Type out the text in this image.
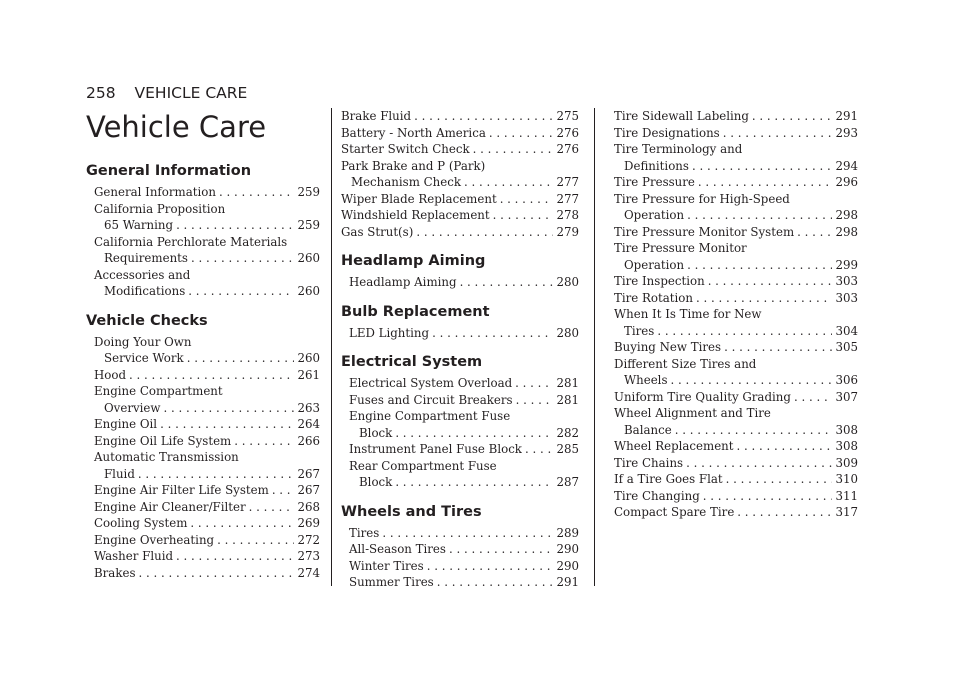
258 VEHICLE CARE
Vehicle Care
General Information
General Information . . .	259
California Proposition
65 Warning . . .	259
California Perchlorate Materials
Requirements . . .	260
Accessories and
Modifications . . .	260
Vehicle Checks
Doing Your Own
Service Work . . .	260
Hood . . .	261
Engine Compartment
Overview . . .	263
Engine Oil . . .	264
Engine Oil Life System . . .	266
Automatic Transmission
Fluid . . .	267
Engine Air Filter Life System . . . 267
Engine Air Cleaner/Filter . . .	268
Cooling System . . .	269
Engine Overheating . . .	272
Washer Fluid . . .	273
Brakes . . .	274
Brake Fluid . . .	275
Battery - North America . . .	276
Starter Switch Check . . .	276
Park Brake and P (Park)
Mechanism Check . . .	277
Wiper Blade Replacement . . .	277
Windshield Replacement . . .	278
Gas Strut(s) . . .	279
Headlamp Aiming
Headlamp Aiming . . .	280
Bulb Replacement
LED Lighting . . .	280
Electrical System
Electrical System Overload . . .	281
Fuses and Circuit Breakers . . .	281
Engine Compartment Fuse
Block . . .	282
Instrument Panel Fuse Block . . .	285
Rear Compartment Fuse
Block . . .	287
Wheels and Tires
Tires . . .	289
All-Season Tires . . .	290
Winter Tires . . .	290
Summer Tires . . .	291
Tire Sidewall Labeling . . .	291
Tire Designations . . .	293
Tire Terminology and
Definitions . . .	294
Tire Pressure . . .	296
Tire Pressure for High-Speed
Operation . . .	298
Tire Pressure Monitor System . . .	298
Tire Pressure Monitor
Operation . . .	299
Tire Inspection . . .	303
Tire Rotation . . .	303
When It Is Time for New
Tires . . .	304
Buying New Tires . . .	305
Different Size Tires and
Wheels . . .	306
Uniform Tire Quality Grading . . .	307
Wheel Alignment and Tire
Balance . . .	308
Wheel Replacement . . .	308
Tire Chains . . .	309
If a Tire Goes Flat . . .	310
Tire Changing . . .	311
Compact Spare Tire . . .	317
